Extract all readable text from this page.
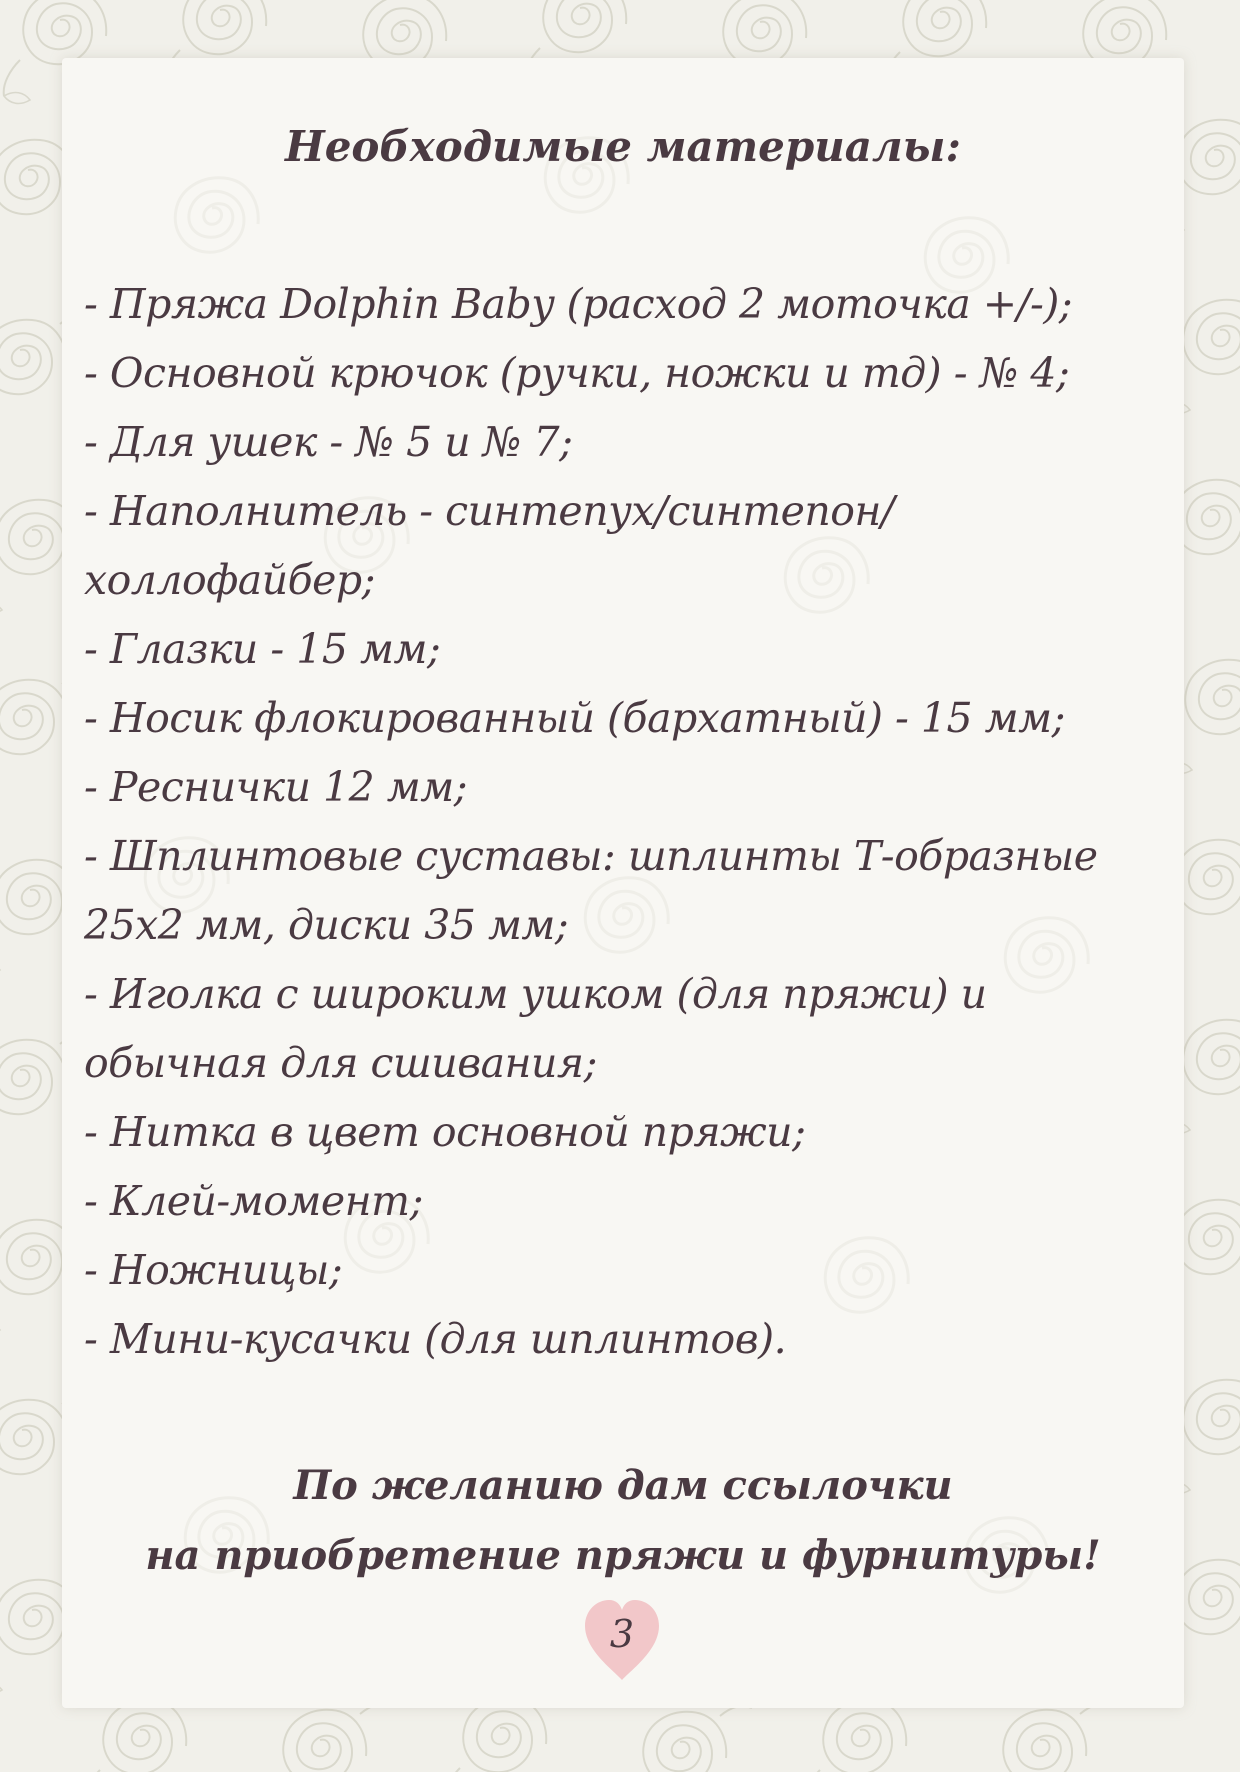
Необходимые материалы:
- Пряжа Dolphin Baby (расход 2 моточка +/-);
- Основной крючок (ручки, ножки и тд) - № 4;
- Для ушек - № 5 и № 7;
- Наполнитель - синтепух/синтепон/
холлофайбер;
- Глазки - 15 мм;
- Носик флокированный (бархатный) - 15 мм;
- Реснички 12 мм;
- Шплинтовые суставы: шплинты Т-образные
25х2 мм, диски 35 мм;
- Иголка с широким ушком (для пряжи) и
обычная для сшивания;
- Нитка в цвет основной пряжи;
- Клей-момент;
- Ножницы;
- Мини-кусачки (для шплинтов).
По желанию дам ссылочки
на приобретение пряжи и фурнитуры!
3
